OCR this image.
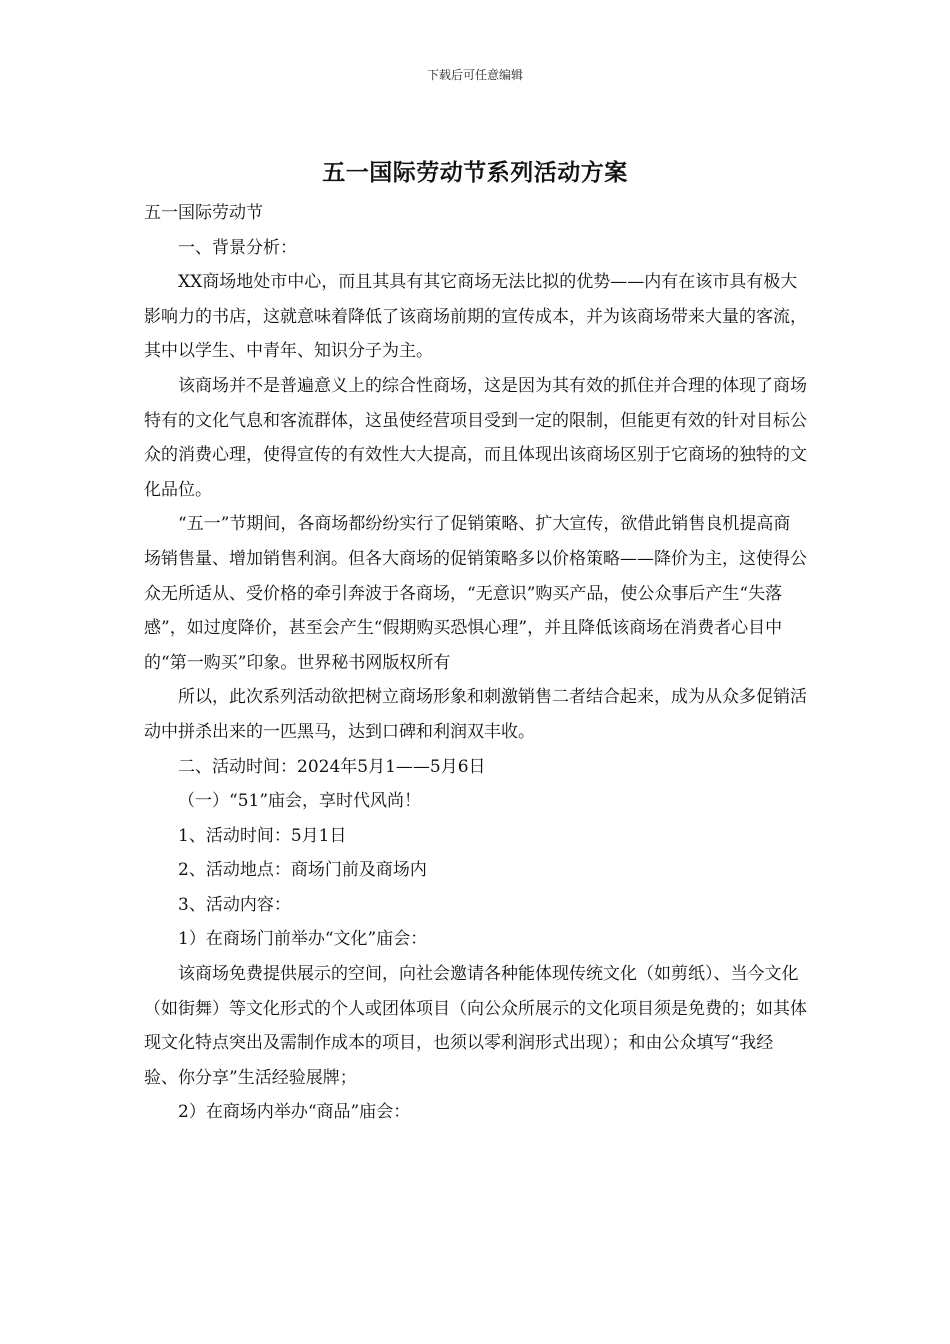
下载后可任意编辑
五一国际劳动节系列活动方案

五一国际劳动节

一、背景分析：

XX商场地处市中心，而且其具有其它商场无法比拟的优势——内有在该市具有极大影响力的书店，这就意味着降低了该商场前期的宣传成本，并为该商场带来大量的客流，其中以学生、中青年、知识分子为主。

该商场并不是普遍意义上的综合性商场，这是因为其有效的抓住并合理的体现了商场特有的文化气息和客流群体，这虽使经营项目受到一定的限制，但能更有效的针对目标公众的消费心理，使得宣传的有效性大大提高，而且体现出该商场区别于它商场的独特的文化品位。

“五一”节期间，各商场都纷纷实行了促销策略、扩大宣传，欲借此销售良机提高商场销售量、增加销售利润。但各大商场的促销策略多以价格策略——降价为主，这使得公众无所适从、受价格的牵引奔波于各商场，“无意识”购买产品，使公众事后产生“失落感”，如过度降价，甚至会产生“假期购买恐惧心理”，并且降低该商场在消费者心目中的“第一购买”印象。世界秘书网版权所有

所以，此次系列活动欲把树立商场形象和刺激销售二者结合起来，成为从众多促销活动中拼杀出来的一匹黑马，达到口碑和利润双丰收。

二、活动时间：2024年5月1——5月6日

（一）“51”庙会，享时代风尚！

1、活动时间：5月1日

2、活动地点：商场门前及商场内

3、活动内容：

1）在商场门前举办“文化”庙会：

该商场免费提供展示的空间，向社会邀请各种能体现传统文化（如剪纸）、当今文化（如街舞）等文化形式的个人或团体项目（向公众所展示的文化项目须是免费的；如其体现文化特点突出及需制作成本的项目，也须以零利润形式出现）；和由公众填写“我经验、你分享”生活经验展牌；

2）在商场内举办“商品”庙会：
